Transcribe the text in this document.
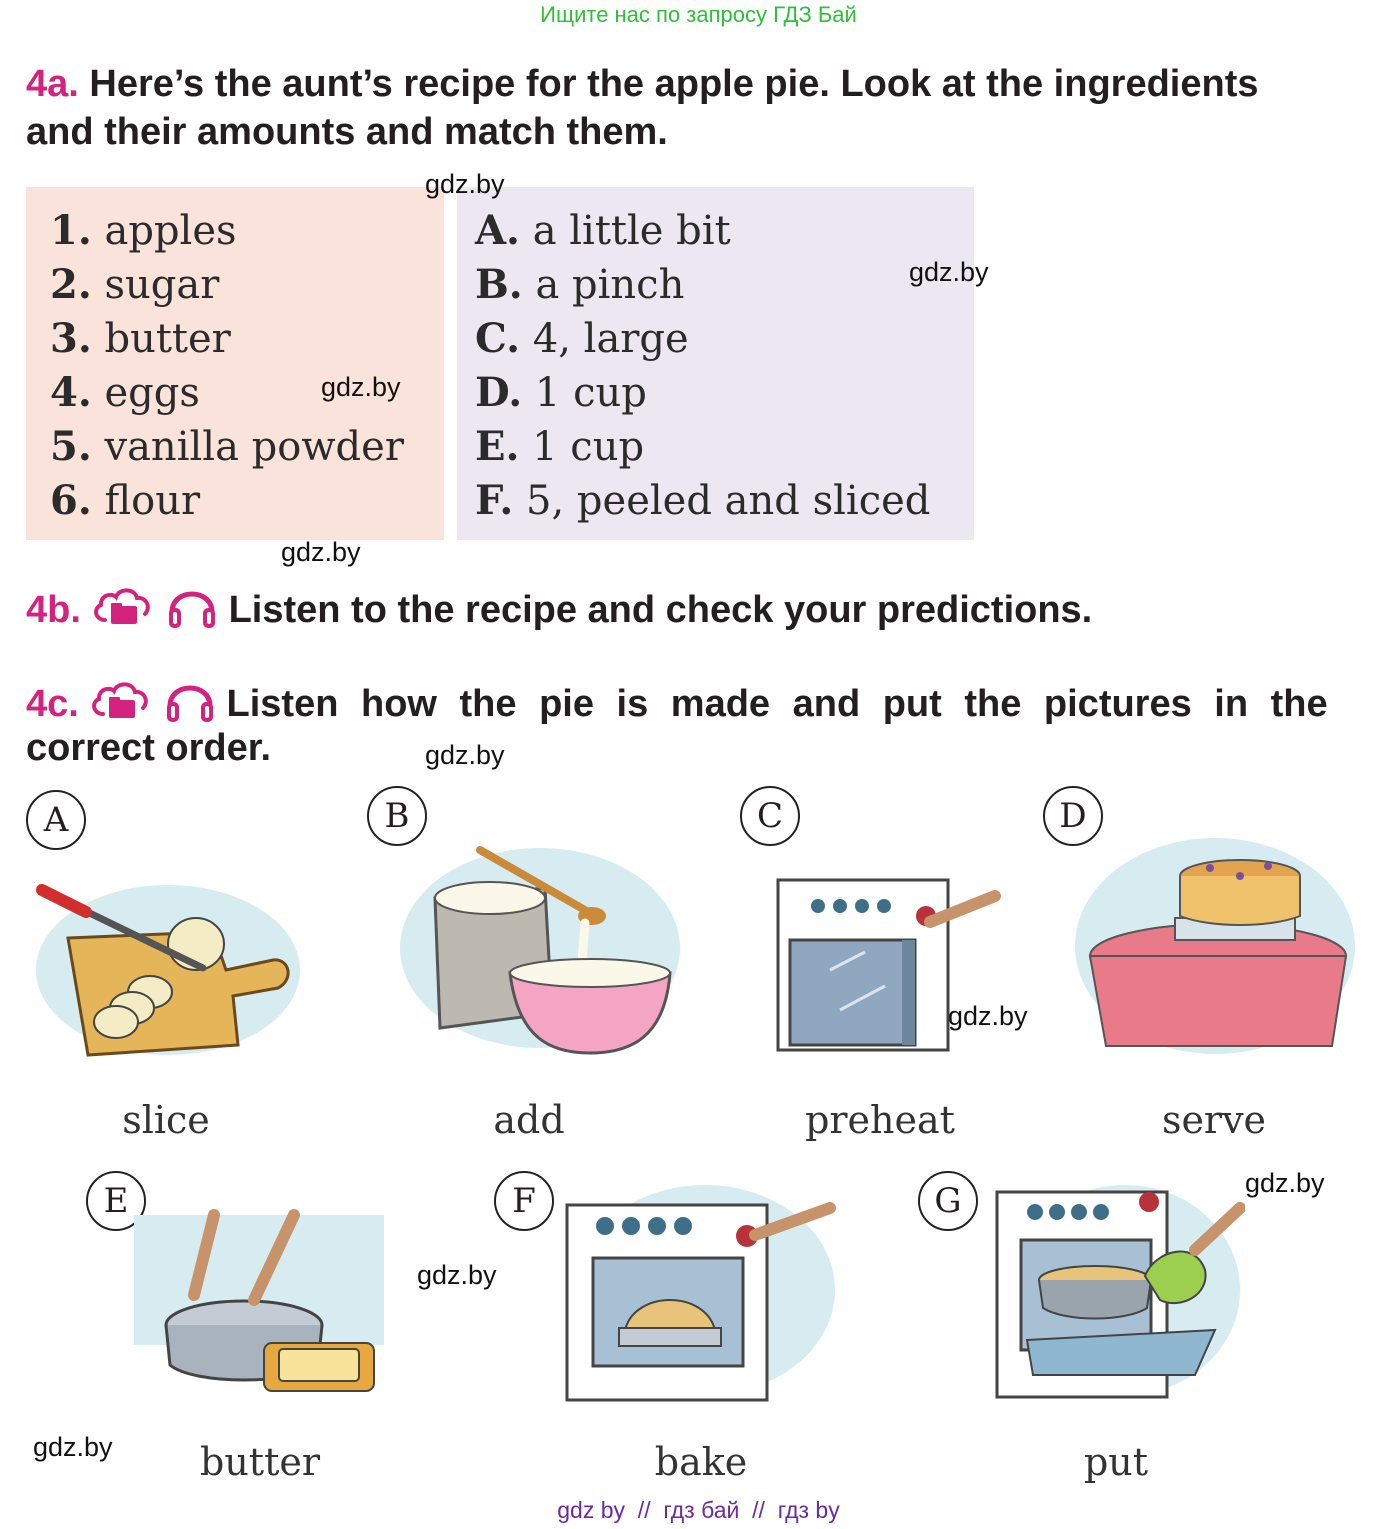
Ищите нас по запросу ГДЗ Бай
4a. Here’s the aunt’s recipe for the apple pie. Look at the ingredients
and their amounts and match them.
1. apples
2. sugar
3. butter
4. eggs
5. vanilla powder
6. flour
A. a little bit
B. a pinch
C. 4, large
D. 1 cup
E. 1 cup
F. 5, peeled and sliced
gdz.by
gdz.by
gdz.by
gdz.by
gdz.by
gdz.by
gdz.by
gdz.by
gdz.by
4b.	Listen to the recipe and check your predictions.
4c.	Listen how the pie is made and put the pictures in the
correct order.
A
slice
B
add
C
preheat
D
serve
E
butter
F
bake
G
put
gdz by  //  гдз бай  //  гдз by
